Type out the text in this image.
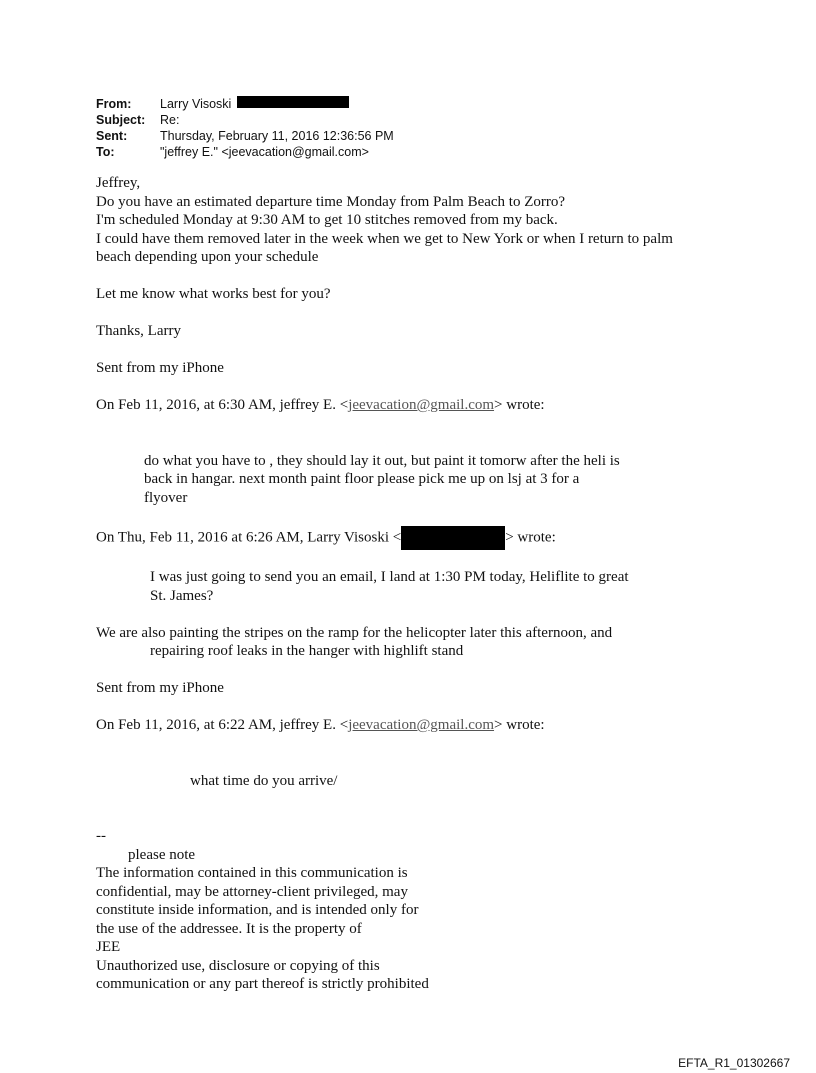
From:	Larry Visoski
Subject:	Re:
Sent:	Thursday, February 11, 2016 12:36:56 PM
To:	"jeffrey E." <jeevacation@gmail.com>

Jeffrey,

Do you have an estimated departure time Monday from Palm Beach to Zorro?

I'm scheduled Monday at 9:30 AM to get 10 stitches removed from my back.

I could have them removed later in the week when we get to New York or when I return to palm

beach depending upon your schedule

Let me know what works best for you?

Thanks, Larry

Sent from my iPhone

On Feb 11, 2016, at 6:30 AM, jeffrey E. <jeevacation@gmail.com> wrote:

do what you have to , they should lay it out, but paint it tomorw after the heli is

back in hangar. next month paint floor please pick me up on lsj at 3 for a

flyover

On Thu, Feb 11, 2016 at 6:26 AM, Larry Visoski <	> wrote:

I was just going to send you an email, I land at 1:30 PM today, Heliflite to great

St. James?

We are also painting the stripes on the ramp for the helicopter later this afternoon, and
repairing roof leaks in the hanger with highlift stand

Sent from my iPhone

On Feb 11, 2016, at 6:22 AM, jeffrey E. <jeevacation@gmail.com> wrote:

what time do you arrive/

--

please note

The information contained in this communication is

confidential, may be attorney-client privileged, may

constitute inside information, and is intended only for

the use of the addressee. It is the property of

JEE

Unauthorized use, disclosure or copying of this

communication or any part thereof is strictly prohibited

EFTA_R1_01302667
